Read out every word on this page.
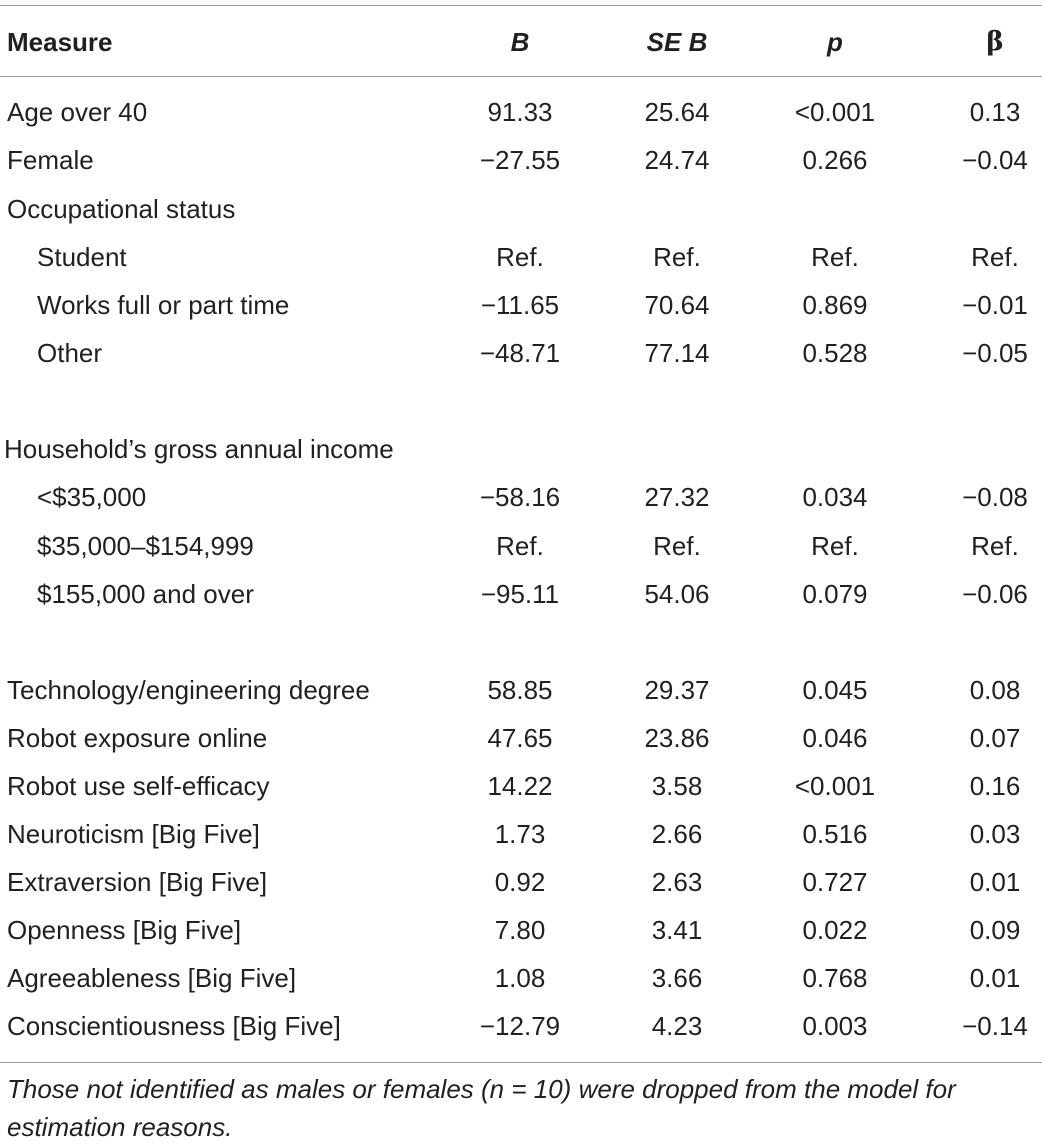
Measure	B	SE B	p	β
Age over 40	91.33	25.64	<0.001	0.13
Female	−27.55	24.74	0.266	−0.04
Occupational status
Student	Ref.	Ref.	Ref.	Ref.
Works full or part time	−11.65	70.64	0.869	−0.01
Other	−48.71	77.14	0.528	−0.05
Household’s gross annual income
<$35,000	−58.16	27.32	0.034	−0.08
$35,000–$154,999	Ref.	Ref.	Ref.	Ref.
$155,000 and over	−95.11	54.06	0.079	−0.06
Technology/engineering degree	58.85	29.37	0.045	0.08
Robot exposure online	47.65	23.86	0.046	0.07
Robot use self-efficacy	14.22	3.58	<0.001	0.16
Neuroticism [Big Five]	1.73	2.66	0.516	0.03
Extraversion [Big Five]	0.92	2.63	0.727	0.01
Openness [Big Five]	7.80	3.41	0.022	0.09
Agreeableness [Big Five]	1.08	3.66	0.768	0.01
Conscientiousness [Big Five]	−12.79	4.23	0.003	−0.14
Those not identified as males or females (n = 10) were dropped from the model for estimation reasons.
